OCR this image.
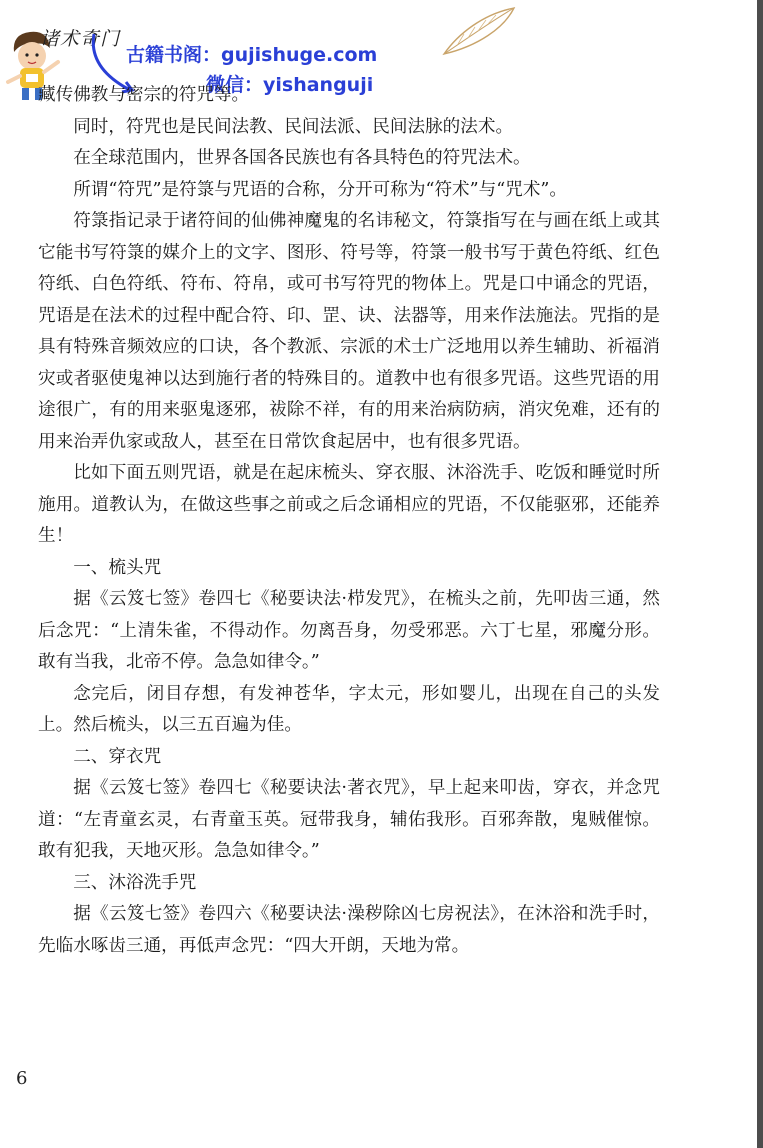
诸术奇门
古籍书阁：gujishuge.com
微信：yishanguji

藏传佛教与密宗的符咒等。

同时，符咒也是民间法教、民间法派、民间法脉的法术。

在全球范围内，世界各国各民族也有各具特色的符咒法术。

所谓“符咒”是符箓与咒语的合称，分开可称为“符术”与“咒术”。

符箓指记录于诸符间的仙佛神魔鬼的名讳秘文，符箓指写在与画在纸上或其它能书写符箓的媒介上的文字、图形、符号等，符箓一般书写于黄色符纸、红色符纸、白色符纸、符布、符帛，或可书写符咒的物体上。咒是口中诵念的咒语，咒语是在法术的过程中配合符、印、罡、诀、法器等，用来作法施法。咒指的是具有特殊音频效应的口诀，各个教派、宗派的术士广泛地用以养生辅助、祈福消灾或者驱使鬼神以达到施行者的特殊目的。道教中也有很多咒语。这些咒语的用途很广，有的用来驱鬼逐邪，祓除不祥，有的用来治病防病，消灾免难，还有的用来治弄仇家或敌人，甚至在日常饮食起居中，也有很多咒语。

比如下面五则咒语，就是在起床梳头、穿衣服、沐浴洗手、吃饭和睡觉时所施用。道教认为，在做这些事之前或之后念诵相应的咒语，不仅能驱邪，还能养生！

一、梳头咒

据《云笈七签》卷四七《秘要诀法·栉发咒》，在梳头之前，先叩齿三通，然后念咒：“上清朱雀，不得动作。勿离吾身，勿受邪恶。六丁七星，邪魔分形。敢有当我，北帝不停。急急如律令。”

念完后，闭目存想，有发神苍华，字太元，形如婴儿，出现在自己的头发上。然后梳头，以三五百遍为佳。

二、穿衣咒

据《云笈七签》卷四七《秘要诀法·著衣咒》，早上起来叩齿，穿衣，并念咒道：“左青童玄灵，右青童玉英。冠带我身，辅佑我形。百邪奔散，鬼贼催惊。敢有犯我，天地灭形。急急如律令。”

三、沐浴洗手咒

据《云笈七签》卷四六《秘要诀法·澡秽除凶七房祝法》，在沐浴和洗手时，先临水啄齿三通，再低声念咒：“四大开朗，天地为常。

6
